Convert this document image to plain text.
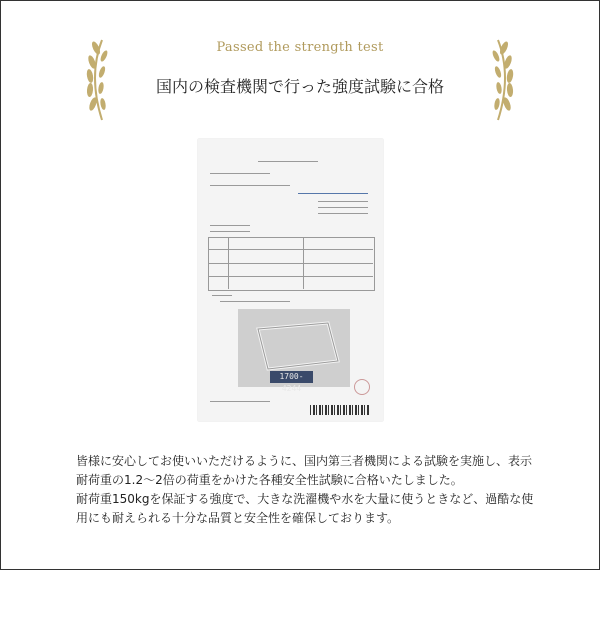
Passed the strength test
国内の検査機関で行った強度試験に合格
1700-4244

皆様に安心してお使いいただけるように、国内第三者機関による試験を実施し、表示耐荷重の1.2〜2倍の荷重をかけた各種安全性試験に合格いたしました。

耐荷重150kgを保証する強度で、大きな洗濯機や水を大量に使うときなど、過酷な使用にも耐えられる十分な品質と安全性を確保しております。
